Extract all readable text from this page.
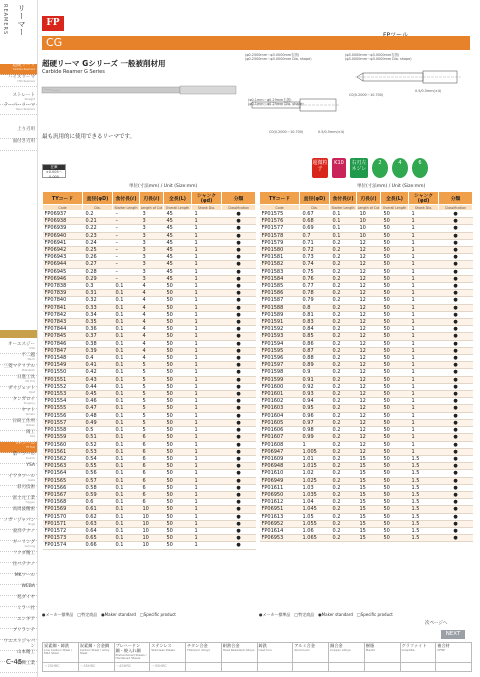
REAMERS リーマー
超硬リーマ
Carbide Reamers
ハイスリーマ
HSS Reamers
ストレート
Straight
テーパーリーマ
Taper Reamers
上り刃用
面付き刃用
オーエスジー
OSG
不二越
Nachi
三菱マテリアル
Mitsubishi
日進工具
NS Tool
ダイジェット
Dijet
タンガロイ
Tungaloy
ヤマト
Yamato
日研工作所
Nikken
岡工
Oka
FPツール
FP Tool
第一ツール
Daiichi
YSA
イワタツール
Iwata
彩刃技術
富士元工業
Fujigen
高周波精密
ノガ・ジャパン
Noga
東洋テクノ
ギーリング
Guhring
フクダ精工
住べテクノ
MKツール
WEBA
旭ダイヤ
ミラ一社
エンギア
ブリランテ
ウエストジャパン
山本精工
新興工業
FP
CG
超硬リーマ Gシリーズ 一般被削材用
Carbide Reamer G Series
(φ0.2500mm〜φ3.0000mm右図)
(φ0.2500mm〜φ3.0000mm Dia. shape)
(φ3.0000mm〜φ3.0000mm右図)
(φ3.0000mm〜φ3.0000mm Dia. shape)
C0(0.2000〜10.700)
0.5/0.5mm(×4)
(φ0.1mm〜φ0.29mm右図)
(φ0.1mm〜φ0.29mm Dia. shape)
C0(0.2000〜10.700)	0.5/0.5mm(×4)
最も汎用的に使用できるリーマです。
在庫
±0.005〜0.000
超微粒子
K10	右刃左ネジレ
2	4	6
単位(寸法mm) / Unit (Size:mm)	単位(寸法mm) / Unit (Size:mm)
TYコード	直径(φD)	食付長(ℓ)	刃長(ℓ)	全長(L)	シャンク(φd)	分類
Code	Dia.	Starter Length	Length of Cut	Overall Length	Shank Dia.	Classification
FP06937	0.2	–	3	45	1	●
FP06938	0.21	–	3	45	1	●
FP06939	0.22	–	3	45	1	●
FP06940	0.23	–	3	45	1	●
FP06941	0.24	–	3	45	1	●
FP06942	0.25	–	3	45	1	●
FP06943	0.26	–	3	45	1	●
FP06944	0.27	–	3	45	1	●
FP06945	0.28	–	3	45	1	●
FP06946	0.29	–	3	45	1	●
FP07838	0.3	0.1	4	50	1	●
FP07839	0.31	0.1	4	50	1	●
FP07840	0.32	0.1	4	50	1	●
FP07841	0.33	0.1	4	50	1	●
FP07842	0.34	0.1	4	50	1	●
FP07843	0.35	0.1	4	50	1	●
FP07844	0.36	0.1	4	50	1	●
FP07845	0.37	0.1	4	50	1	●
FP07846	0.38	0.1	4	50	1	●
FP07847	0.39	0.1	4	50	1	●
FP01548	0.4	0.1	4	50	1	●
FP01549	0.41	0.1	5	50	1	●
FP01550	0.42	0.1	5	50	1	●
FP01551	0.43	0.1	5	50	1	●
FP01552	0.44	0.1	5	50	1	●
FP01553	0.45	0.1	5	50	1	●
FP01554	0.46	0.1	5	50	1	●
FP01555	0.47	0.1	5	50	1	●
FP01556	0.48	0.1	5	50	1	●
FP01557	0.49	0.1	5	50	1	●
FP01558	0.5	0.1	5	50	1	●
FP01559	0.51	0.1	6	50	1	●
FP01560	0.52	0.1	6	50	1	●
FP01561	0.53	0.1	6	50	1	●
FP01562	0.54	0.1	6	50	1	●
FP01563	0.55	0.1	6	50	1	●
FP01564	0.56	0.1	6	50	1	●
FP01565	0.57	0.1	6	50	1	●
FP01566	0.58	0.1	6	50	1	●
FP01567	0.59	0.1	6	50	1	●
FP01568	0.6	0.1	6	50	1	●
FP01569	0.61	0.1	10	50	1	●
FP01570	0.62	0.1	10	50	1	●
FP01571	0.63	0.1	10	50	1	●
FP01572	0.64	0.1	10	50	1	●
FP01573	0.65	0.1	10	50	1	●
FP01574	0.66	0.1	10	50	1	●
TYコード	直径(φD)	食付長(ℓ)	刃長(ℓ)	全長(L)	シャンク(φd)	分類
Code	Dia.	Starter Length	Length of Cut	Overall Length	Shank Dia.	Classification
FP01575	0.67	0.1	10	50	1	●
FP01576	0.68	0.1	10	50	1	●
FP01577	0.69	0.1	10	50	1	●
FP01578	0.7	0.1	10	50	1	●
FP01579	0.71	0.2	12	50	1	●
FP01580	0.72	0.2	12	50	1	●
FP01581	0.73	0.2	12	50	1	●
FP01582	0.74	0.2	12	50	1	●
FP01583	0.75	0.2	12	50	1	●
FP01584	0.76	0.2	12	50	1	●
FP01585	0.77	0.2	12	50	1	●
FP01586	0.78	0.2	12	50	1	●
FP01587	0.79	0.2	12	50	1	●
FP01588	0.8	0.2	12	50	1	●
FP01589	0.81	0.2	12	50	1	●
FP01591	0.83	0.2	12	50	1	●
FP01592	0.84	0.2	12	50	1	●
FP01593	0.85	0.2	12	50	1	●
FP01594	0.86	0.2	12	50	1	●
FP01595	0.87	0.2	12	50	1	●
FP01596	0.88	0.2	12	50	1	●
FP01597	0.89	0.2	12	50	1	●
FP01598	0.9	0.2	12	50	1	●
FP01599	0.91	0.2	12	50	1	●
FP01600	0.92	0.2	12	50	1	●
FP01601	0.93	0.2	12	50	1	●
FP01602	0.94	0.2	12	50	1	●
FP01603	0.95	0.2	12	50	1	●
FP01604	0.96	0.2	12	50	1	●
FP01605	0.97	0.2	12	50	1	●
FP01606	0.98	0.2	12	50	1	●
FP01607	0.99	0.2	12	50	1	●
FP01608	1	0.2	12	50	1	●
FP06947	1.005	0.2	12	50	1	●
FP01609	1.01	0.2	15	50	1.5	●
FP06948	1.015	0.2	15	50	1.5	●
FP01610	1.02	0.2	15	50	1.5	●
FP06949	1.025	0.2	15	50	1.5	●
FP01611	1.03	0.2	15	50	1.5	●
FP06950	1.035	0.2	15	50	1.5	●
FP01612	1.04	0.2	15	50	1.5	●
FP06951	1.045	0.2	15	50	1.5	●
FP01613	1.05	0.2	15	50	1.5	●
FP06952	1.055	0.2	15	50	1.5	●
FP01614	1.06	0.2	15	50	1.5	●
FP06953	1.065	0.2	15	50	1.5	●
●メーカー標準品　□特定商品　●Maker standard　□Specific product	●メーカー標準品　□特定商品　●Maker standard　□Specific product
次ページへ
NEXT
炭素鋼・鋳鉄
Low Carbon Steel / Mild Steel	炭素鋼・合金鋼
Carbon Steel / Alloy Steel	プレハードン鋼・焼入れ鋼
Prehardened Steels / Hardened Steels	ステンレス
Stainless Steels	チタン合金
Titanium Alloys	耐熱合金
Heat Resistant Alloys	鋳鉄
Cast Iron	アルミ合金
Aluminum	銅合金
Copper Alloys	樹脂
Plastic	グラファイト
Graphite	複合材
CFRP

〜25HRC	〜35HRC	〜45HRC	〜55HRC								
C-45
